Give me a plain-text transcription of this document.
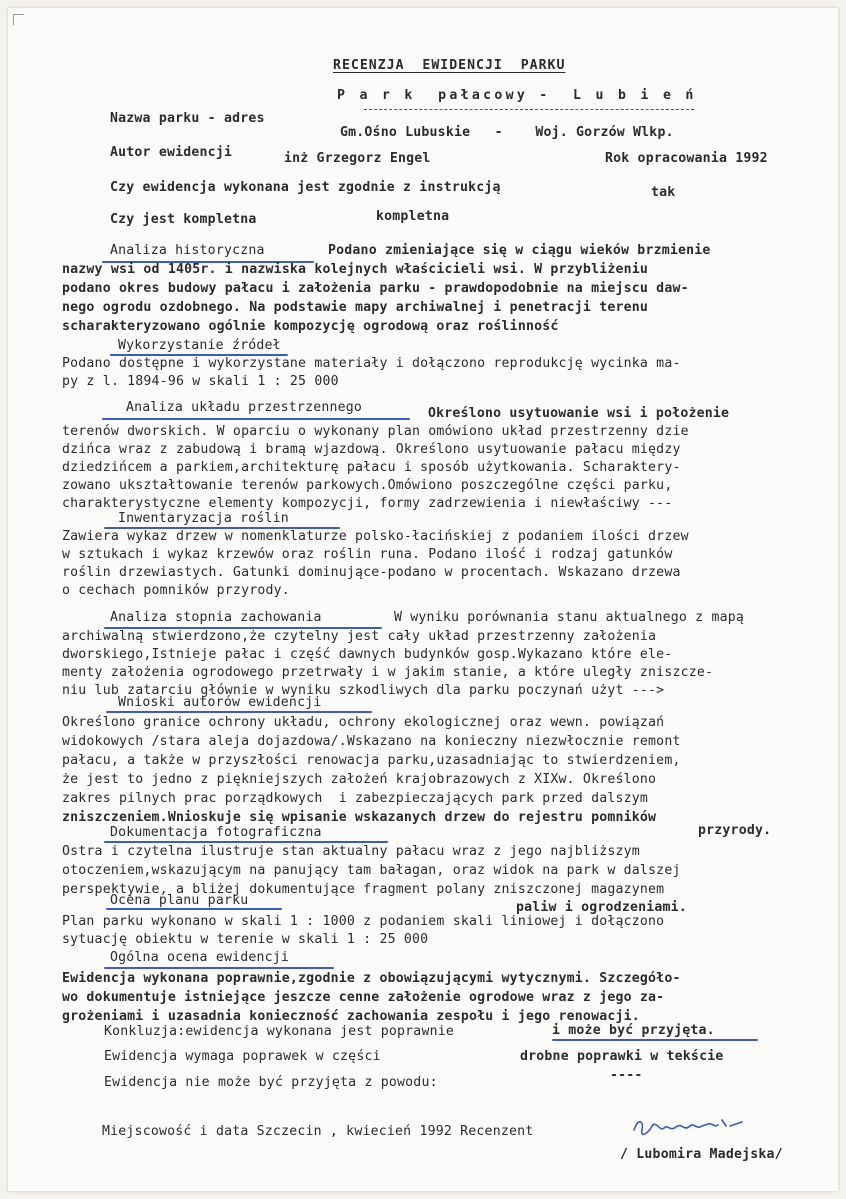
RECENZJA  EWIDENCJI  PARKU
P a r k  pałacowy -  L u b i e ń
Nazwa parku - adres
Gm.Ośno Lubuskie   -    Woj. Gorzów Wlkp.
Autor ewidencji	inż Grzegorz Engel	Rok opracowania 1992
Czy ewidencja wykonana jest zgodnie z instrukcją	tak
Czy jest kompletna	kompletna
Analiza historyczna	Podano zmieniające się w ciągu wieków brzmienie
nazwy wsi od 1405r. i nazwiska kolejnych właścicieli wsi. W przybliżeniu
podano okres budowy pałacu i założenia parku - prawdopodobnie na miejscu daw-
nego ogrodu ozdobnego. Na podstawie mapy archiwalnej i penetracji terenu
scharakteryzowano ogólnie kompozycję ogrodową oraz roślinność
Wykorzystanie źródeł
Podano dostępne i wykorzystane materiały i dołączono reprodukcję wycinka ma-
py z l. 1894-96 w skali 1 : 25 000
Analiza układu przestrzennego	Określono usytuowanie wsi i położenie
terenów dworskich. W oparciu o wykonany plan omówiono układ przestrzenny dzie
dzińca wraz z zabudową i bramą wjazdową. Określono usytuowanie pałacu między
dziedzińcem a parkiem,architekturę pałacu i sposób użytkowania. Scharaktery-
zowano ukształtowanie terenów parkowych.Omówiono poszczególne części parku,
charakterystyczne elementy kompozycji, formy zadrzewienia i niewłaściwy ---
Inwentaryzacja roślin
Zawiera wykaz drzew w nomenklaturze polsko-łacińskiej z podaniem ilości drzew
w sztukach i wykaz krzewów oraz roślin runa. Podano ilość i rodzaj gatunków
roślin drzewiastych. Gatunki dominujące-podano w procentach. Wskazano drzewa
o cechach pomników przyrody.
Analiza stopnia zachowania	W wyniku porównania stanu aktualnego z mapą
archiwalną stwierdzono,że czytelny jest cały układ przestrzenny założenia
dworskiego,Istnieje pałac i część dawnych budynków gosp.Wykazano które ele-
menty założenia ogrodowego przetrwały i w jakim stanie, a które uległy zniszcze-
niu lub zatarciu głównie w wyniku szkodliwych dla parku poczynań użyt --->
Wnioski autorów ewidencji
Określono granice ochrony układu, ochrony ekologicznej oraz wewn. powiązań
widokowych /stara aleja dojazdowa/.Wskazano na konieczny niezwłocznie remont
pałacu, a także w przyszłości renowacja parku,uzasadniając to stwierdzeniem,
że jest to jedno z piękniejszych założeń krajobrazowych z XIXw. Określono
zakres pilnych prac porządkowych  i zabezpieczających park przed dalszym
zniszczeniem.Wnioskuje się wpisanie wskazanych drzew do rejestru pomników
przyrody.
Dokumentacja fotograficzna
Ostra i czytelna ilustruje stan aktualny pałacu wraz z jego najbliższym
otoczeniem,wskazującym na panujący tam bałagan, oraz widok na park w dalszej
perspektywie, a bliżej dokumentujące fragment polany zniszczonej magazynem
paliw i ogrodzeniami.
Ocena planu parku
Plan parku wykonano w skali 1 : 1000 z podaniem skali liniowej i dołączono
sytuację obiektu w terenie w skali 1 : 25 000
Ogólna ocena ewidencji
Ewidencja wykonana poprawnie,zgodnie z obowiązującymi wytycznymi. Szczegóło-
wo dokumentuje istniejące jeszcze cenne założenie ogrodowe wraz z jego za-
grożeniami i uzasadnia konieczność zachowania zespołu i jego renowacji.
Konkluzja:ewidencja wykonana jest poprawnie	i może być przyjęta.
Ewidencja wymaga poprawek w części	drobne poprawki w tekście
Ewidencja nie może być przyjęta z powodu:	----
Miejscowość i data Szczecin , kwiecień 1992 Recenzent
/ Lubomira Madejska/
